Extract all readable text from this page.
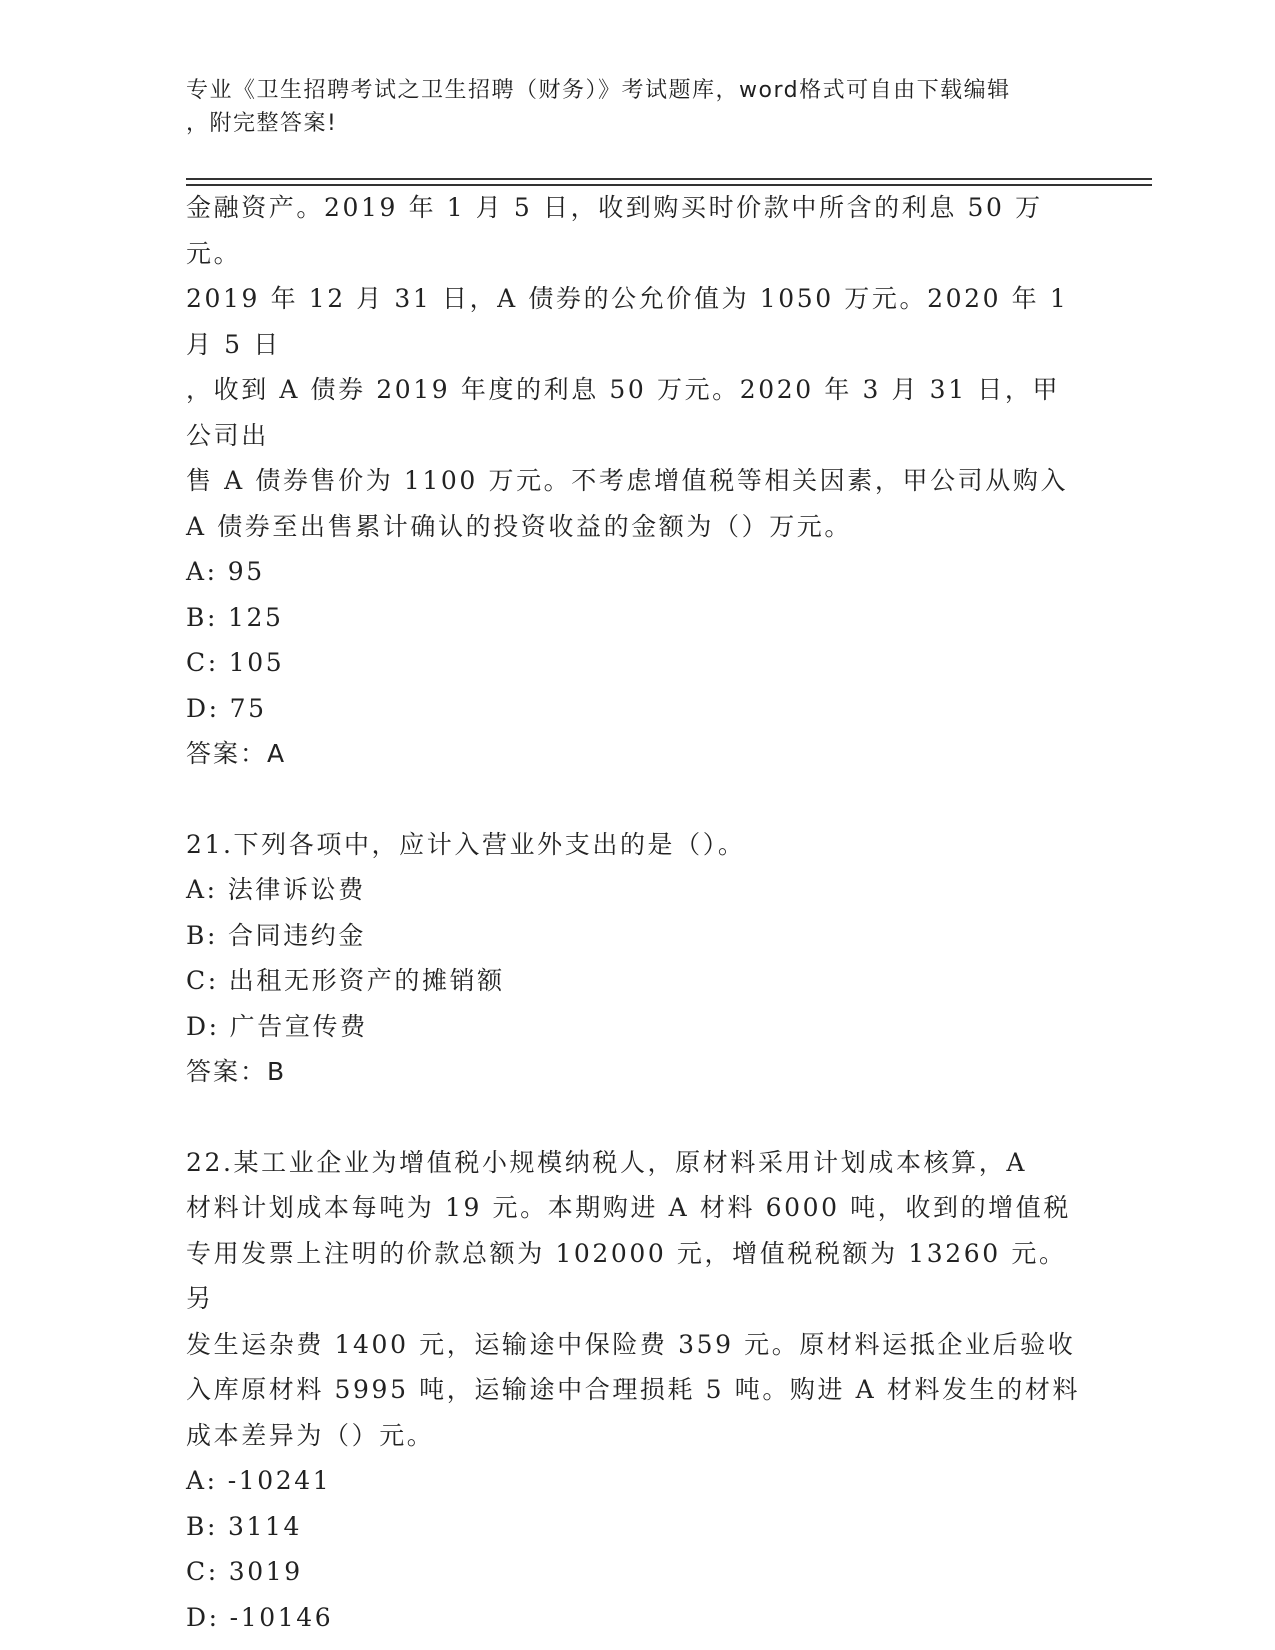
专业《卫生招聘考试之卫生招聘（财务）》考试题库，word格式可自由下载编辑
，附完整答案!
金融资产。2019 年 1 月 5 日，收到购买时价款中所含的利息 50 万元。
2019 年 12 月 31 日，A 债券的公允价值为 1050 万元。2020 年 1 月 5 日
，收到 A 债券 2019 年度的利息 50 万元。2020 年 3 月 31 日，甲公司出
售 A 债券售价为 1100 万元。不考虑增值税等相关因素，甲公司从购入
A 债券至出售累计确认的投资收益的金额为（）万元。
A: 95
B: 125
C: 105
D: 75
答案：A
21.下列各项中，应计入营业外支出的是（）。
A: 法律诉讼费
B: 合同违约金
C: 出租无形资产的摊销额
D: 广告宣传费
答案：B
22.某工业企业为增值税小规模纳税人，原材料采用计划成本核算，A
材料计划成本每吨为 19 元。本期购进 A 材料 6000 吨，收到的增值税
专用发票上注明的价款总额为 102000 元，增值税税额为 13260 元。另
发生运杂费 1400 元，运输途中保险费 359 元。原材料运抵企业后验收
入库原材料 5995 吨，运输途中合理损耗 5 吨。购进 A 材料发生的材料
成本差异为（）元。
A: -10241
B: 3114
C: 3019
D: -10146
